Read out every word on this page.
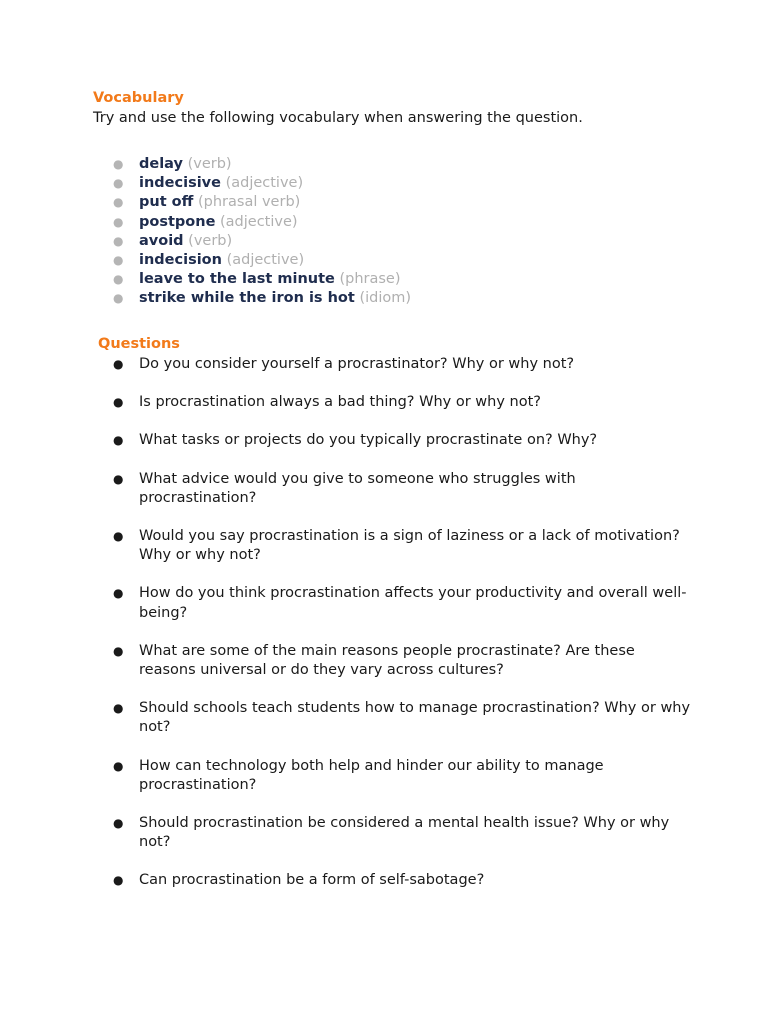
Vocabulary

Try and use the following vocabulary when answering the question.

● delay (verb)
● indecisive (adjective)
● put off (phrasal verb)
● postpone (adjective)
● avoid (verb)
● indecision (adjective)
● leave to the last minute (phrase)
● strike while the iron is hot (idiom)
Questions
● Do you consider yourself a procrastinator? Why or why not?
● Is procrastination always a bad thing? Why or why not?
● What tasks or projects do you typically procrastinate on? Why?
● What advice would you give to someone who struggles with procrastination?
● Would you say procrastination is a sign of laziness or a lack of motivation? Why or why not?
● How do you think procrastination affects your productivity and overall well-being?
● What are some of the main reasons people procrastinate? Are these reasons universal or do they vary across cultures?
● Should schools teach students how to manage procrastination? Why or why not?
● How can technology both help and hinder our ability to manage procrastination?
● Should procrastination be considered a mental health issue? Why or why not?
● Can procrastination be a form of self-sabotage?
